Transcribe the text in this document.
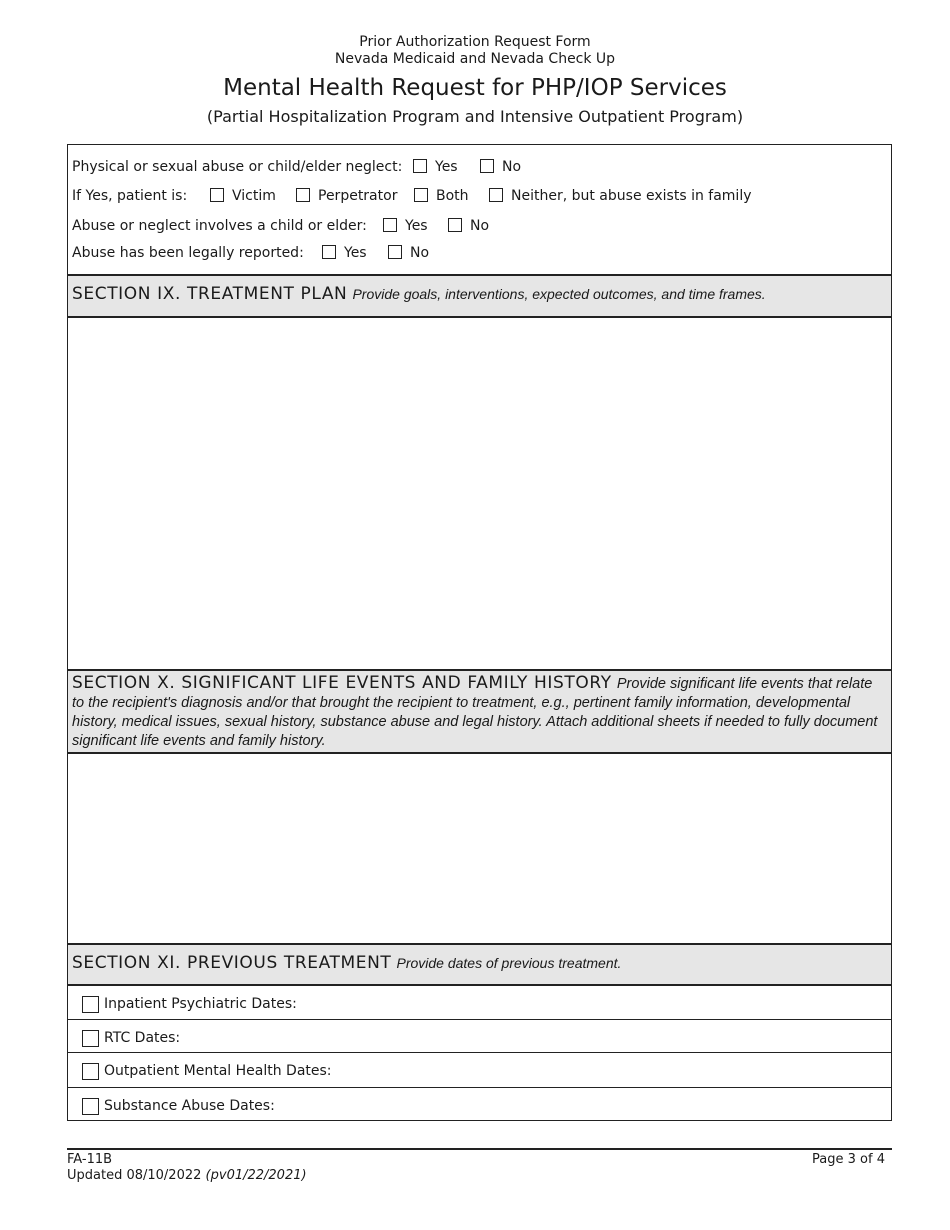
Prior Authorization Request Form
Nevada Medicaid and Nevada Check Up
Mental Health Request for PHP/IOP Services
(Partial Hospitalization Program and Intensive Outpatient Program)
Physical or sexual abuse or child/elder neglect:	Yes	No
If Yes, patient is:	Victim	Perpetrator	Both	Neither, but abuse exists in family
Abuse or neglect involves a child or elder:	Yes	No
Abuse has been legally reported:	Yes	No
SECTION IX. TREATMENT PLAN Provide goals, interventions, expected outcomes, and time frames.
SECTION X. SIGNIFICANT LIFE EVENTS AND FAMILY HISTORY Provide significant life events that relate to the recipient's diagnosis and/or that brought the recipient to treatment, e.g., pertinent family information, developmental history, medical issues, sexual history, substance abuse and legal history. Attach additional sheets if needed to fully document significant life events and family history.
SECTION XI. PREVIOUS TREATMENT Provide dates of previous treatment.
Inpatient Psychiatric Dates:
RTC Dates:
Outpatient Mental Health Dates:
Substance Abuse Dates:
FA-11B
Updated 08/10/2022 (pv01/22/2021)
Page 3 of 4
